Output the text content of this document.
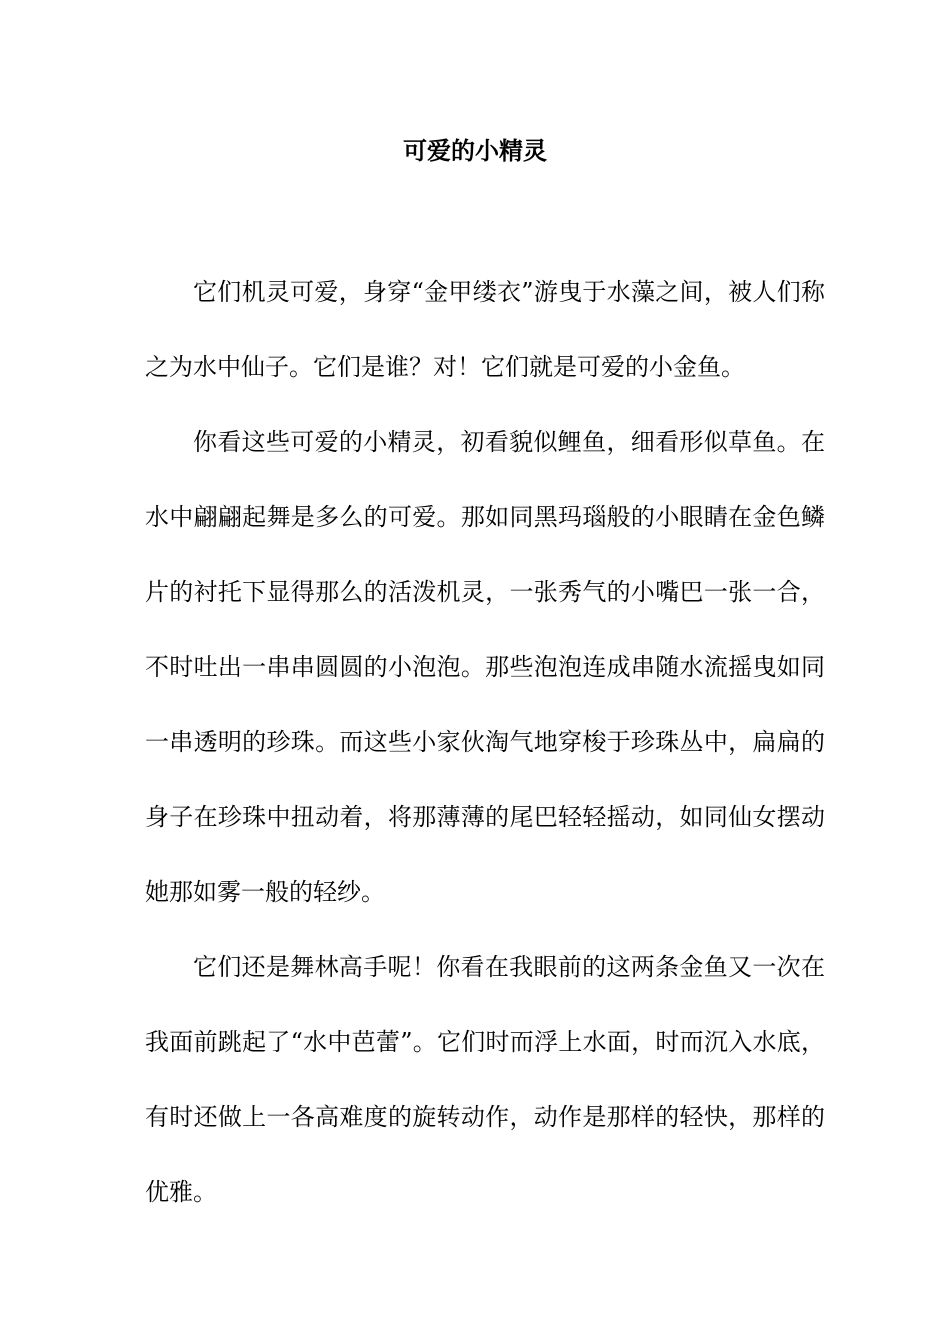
可爱的小精灵

它们机灵可爱，身穿“金甲缕衣”游曳于水藻之间，被人们称之为水中仙子。它们是谁？对！它们就是可爱的小金鱼。

你看这些可爱的小精灵，初看貌似鲤鱼，细看形似草鱼。在水中翩翩起舞是多么的可爱。那如同黑玛瑙般的小眼睛在金色鳞片的衬托下显得那么的活泼机灵，一张秀气的小嘴巴一张一合，不时吐出一串串圆圆的小泡泡。那些泡泡连成串随水流摇曳如同一串透明的珍珠。而这些小家伙淘气地穿梭于珍珠丛中，扁扁的身子在珍珠中扭动着，将那薄薄的尾巴轻轻摇动，如同仙女摆动她那如雾一般的轻纱。

它们还是舞林高手呢！你看在我眼前的这两条金鱼又一次在我面前跳起了“水中芭蕾”。它们时而浮上水面，时而沉入水底，有时还做上一各高难度的旋转动作，动作是那样的轻快，那样的优雅。
